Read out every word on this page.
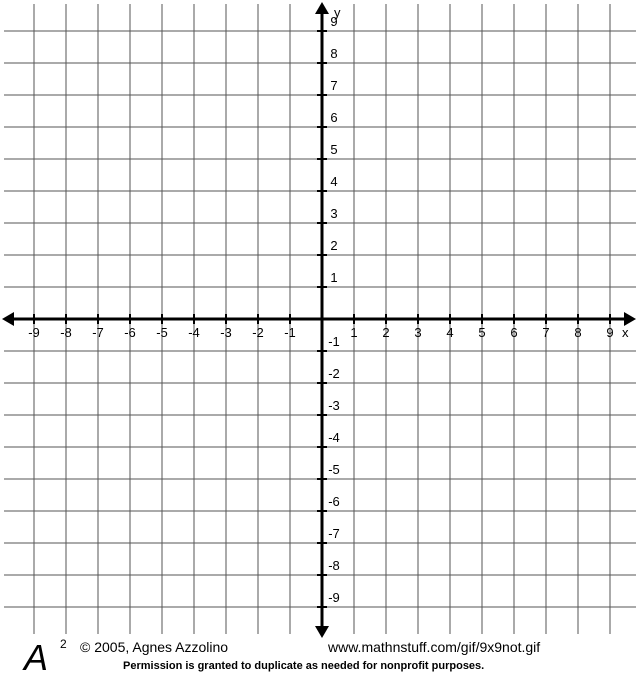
-9 -8 -7 -6 -5 -4 -3 -2 -1	1 2 3 4 5 6 7 8 9
9
8
7
6
5
4
3
2
1
-1
-2
-3
-4
-5
-6
-7
-8
-9
x
y
A 2 © 2005, Agnes Azzolino	www.mathnstuff.com/gif/9x9not.gif
Permission is granted to duplicate as needed for nonprofit purposes.
